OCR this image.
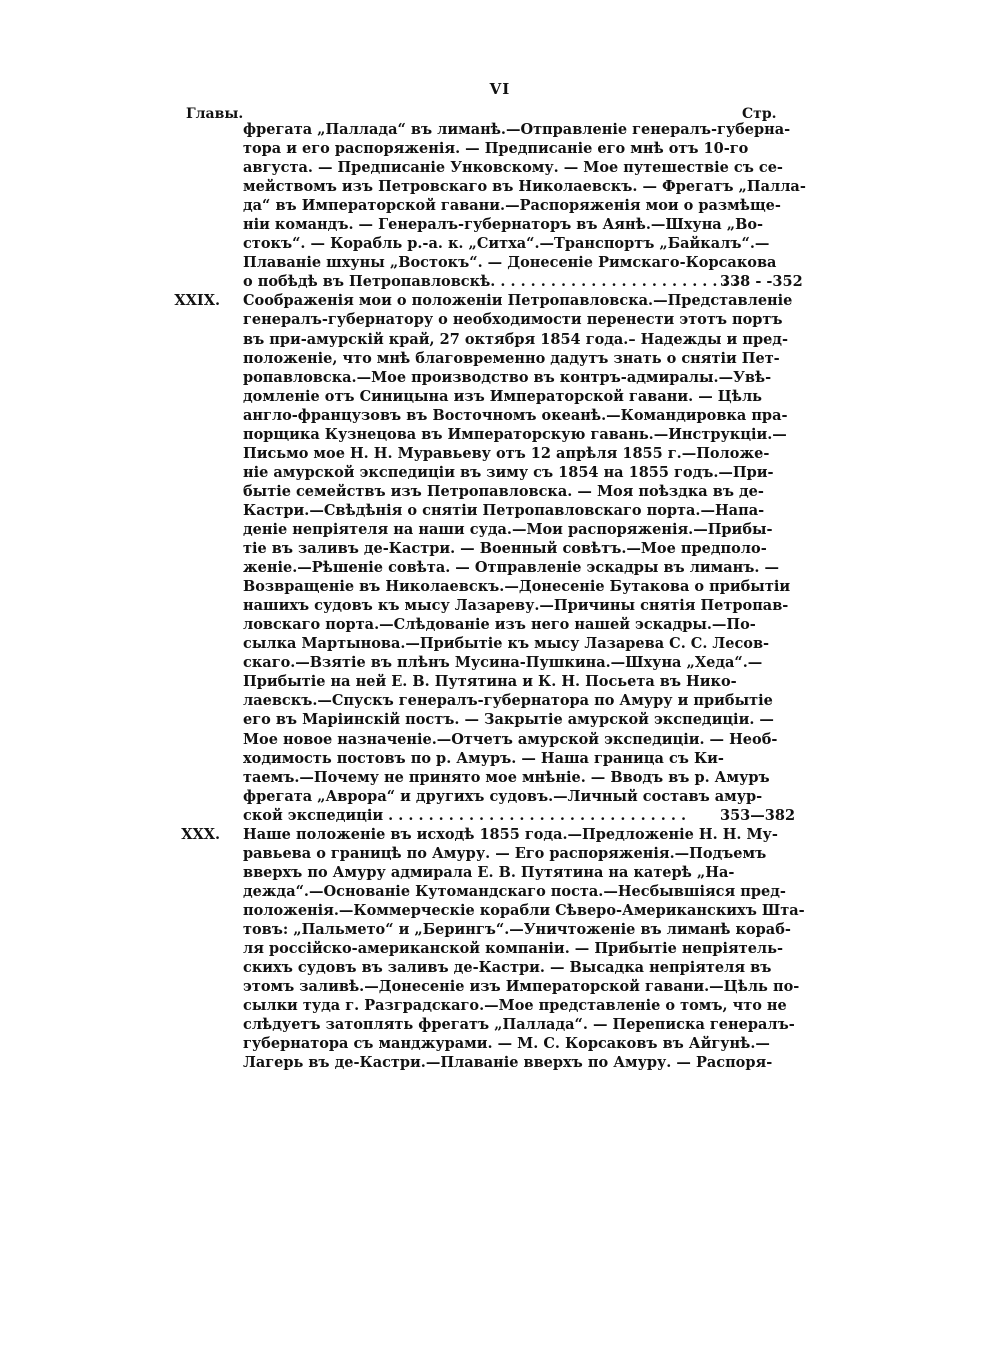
VI
Главы.	Стр.
фрегата „Паллада“ въ лиманѣ.—Отправленіе генералъ-губерна-
тора и его распоряженія. — Предписаніе его мнѣ отъ 10-го
августа. — Предписаніе Унковскому. — Мое путешествіе съ се-
мействомъ изъ Петровскаго въ Николаевскъ. — Фрегатъ „Палла-
да“ въ Императорской гавани.—Распоряженія мои о размѣще-
ніи командъ. — Генералъ-губернаторъ въ Аянѣ.—Шхуна „Во-
стокъ“. — Корабль р.-а. к. „Ситха“.—Транспортъ „Байкалъ“.—
Плаваніе шхуны „Востокъ“. — Донесеніе Римскаго-Корсакова
о побѣдѣ въ Петропавловскѣ. . . . . . . . . . . . . . . . . . . . . . . . .
338 - -352
XXIX. Соображенія мои о положеніи Петропавловска.—Представленіе
генералъ-губернатору о необходимости перенести этотъ портъ
въ при-амурскій край, 27 октября 1854 года.– Надежды и пред-
положеніе, что мнѣ благовременно дадутъ знать о снятіи Пет-
ропавловска.—Мое производство въ контръ-адмиралы.—Увѣ-
домленіе отъ Синицына изъ Императорской гавани. — Цѣль
англо-французовъ въ Восточномъ океанѣ.—Командировка пра-
порщика Кузнецова въ Императорскую гавань.—Инструкціи.—
Письмо мое Н. Н. Муравьеву отъ 12 апрѣля 1855 г.—Положе-
ніе амурской экспедиціи въ зиму съ 1854 на 1855 годъ.—При-
бытіе семействъ изъ Петропавловска. — Моя поѣздка въ де-
Кастри.—Свѣдѣнія о снятіи Петропавловскаго порта.—Напа-
деніе непріятеля на наши суда.—Мои распоряженія.—Прибы-
тіе въ заливъ де-Кастри. — Военный совѣтъ.—Мое предполо-
женіе.—Рѣшеніе совѣта. — Отправленіе эскадры въ лиманъ. —
Возвращеніе въ Николаевскъ.—Донесеніе Бутакова о прибытіи
нашихъ судовъ къ мысу Лазареву.—Причины снятія Петропав-
ловскаго порта.—Слѣдованіе изъ него нашей эскадры.—По-
сылка Мартынова.—Прибытіе къ мысу Лазарева С. С. Лесов-
скаго.—Взятіе въ плѣнъ Мусина-Пушкина.—Шхуна „Хеда“.—
Прибытіе на ней Е. В. Путятина и К. Н. Посьета въ Нико-
лаевскъ.—Спускъ генералъ-губернатора по Амуру и прибытіе
его въ Маріинскій постъ. — Закрытіе амурской экспедиціи. —
Мое новое назначеніе.—Отчетъ амурской экспедиціи. — Необ-
ходимость постовъ по р. Амуръ. — Наша граница съ Ки-
таемъ.—Почему не принято мое мнѣніе. — Вводъ въ р. Амуръ
фрегата „Аврора“ и другихъ судовъ.—Личный составъ амур-
ской экспедиціи . . . . . . . . . . . . . . . . . . . . . . . . . . . . . .	353—382
XXX. Наше положеніе въ исходѣ 1855 года.—Предложеніе Н. Н. Му-
равьева о границѣ по Амуру. — Его распоряженія.—Подъемъ
вверхъ по Амуру адмирала Е. В. Путятина на катерѣ „На-
дежда“.—Основаніе Кутомандскаго поста.—Несбывшіяся пред-
положенія.—Коммерческіе корабли Сѣверо-Американскихъ Шта-
товъ: „Пальмето“ и „Берингъ“.—Уничтоженіе въ лиманѣ кораб-
ля россійско-американской компаніи. — Прибытіе непріятель-
скихъ судовъ въ заливъ де-Кастри. — Высадка непріятеля въ
этомъ заливѣ.—Донесеніе изъ Императорской гавани.—Цѣль по-
сылки туда г. Разградскаго.—Мое представленіе о томъ, что не
слѣдуетъ затоплять фрегатъ „Паллада“. — Переписка генералъ-
губернатора съ манджурами. — М. С. Корсаковъ въ Айгунѣ.—
Лагерь въ де-Кастри.—Плаваніе вверхъ по Амуру. — Распоря-
